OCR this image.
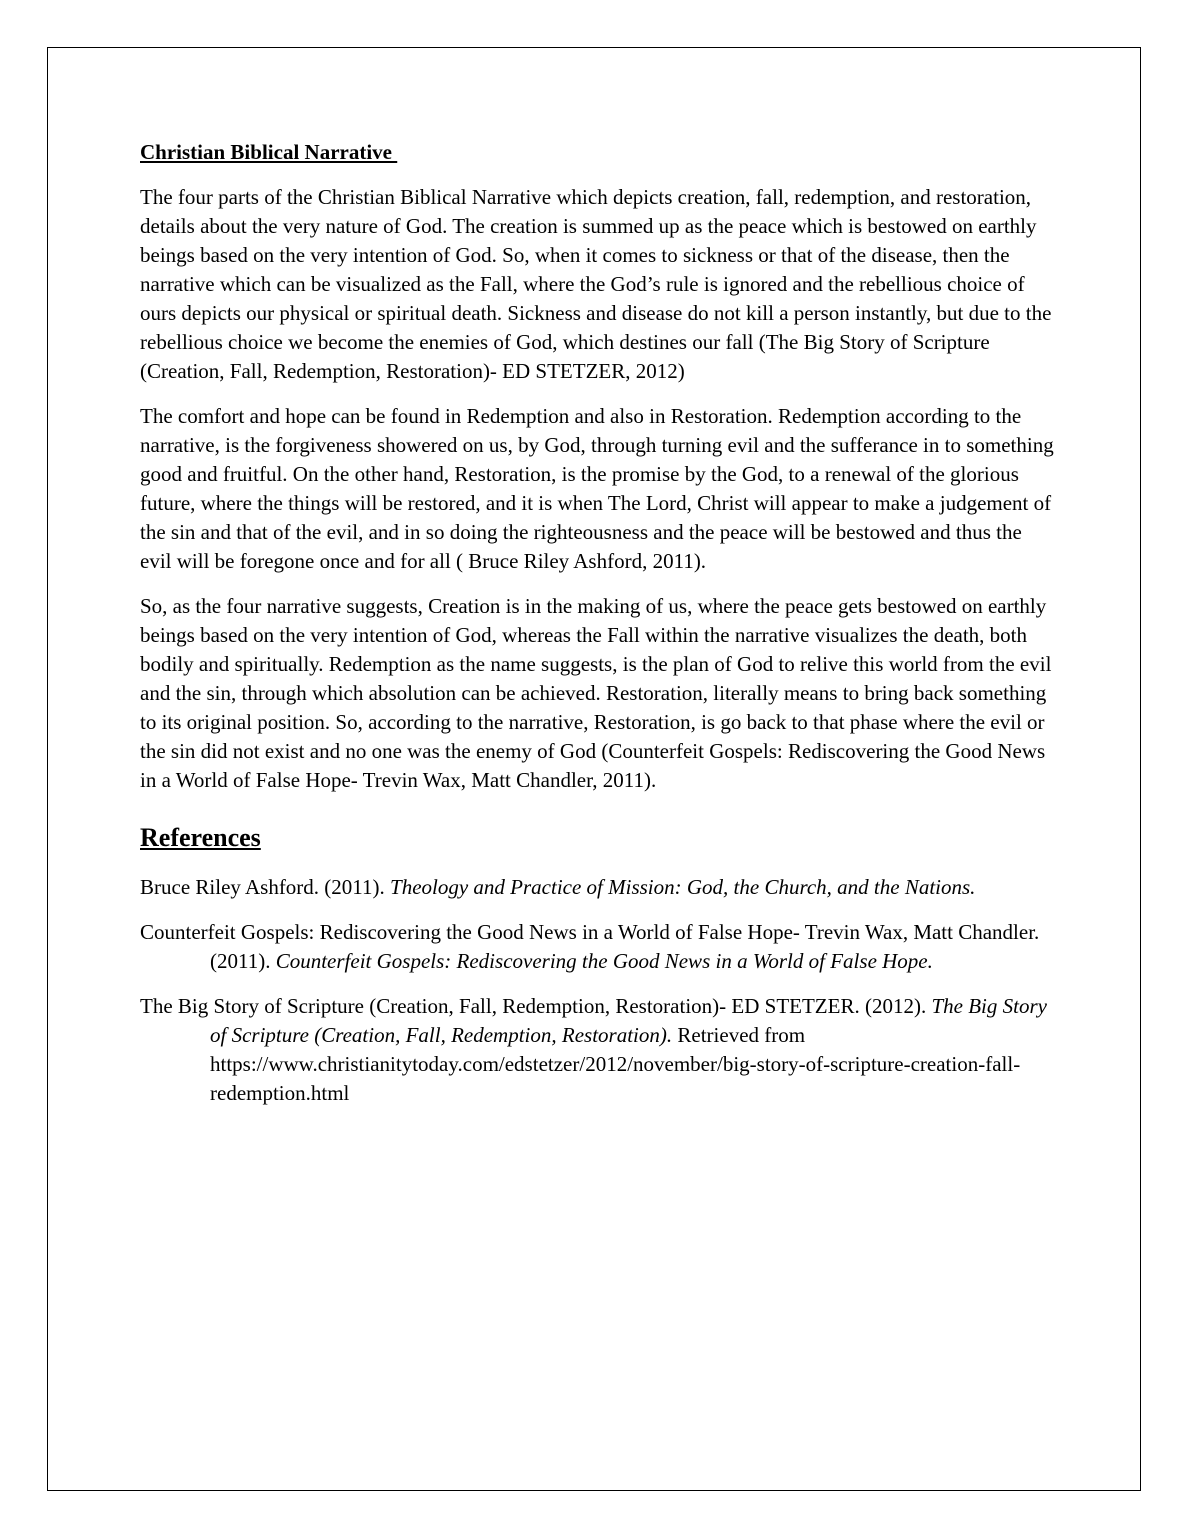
Christian Biblical Narrative

The four parts of the Christian Biblical Narrative which depicts creation, fall, redemption, and restoration, details about the very nature of God. The creation is summed up as the peace which is bestowed on earthly beings based on the very intention of God. So, when it comes to sickness or that of the disease, then the narrative which can be visualized as the Fall, where the God’s rule is ignored and the rebellious choice of ours depicts our physical or spiritual death. Sickness and disease do not kill a person instantly, but due to the rebellious choice we become the enemies of God, which destines our fall (The Big Story of Scripture (Creation, Fall, Redemption, Restoration)- ED STETZER, 2012)

The comfort and hope can be found in Redemption and also in Restoration. Redemption according to the narrative, is the forgiveness showered on us, by God, through turning evil and the sufferance in to something good and fruitful. On the other hand, Restoration, is the promise by the God, to a renewal of the glorious future, where the things will be restored, and it is when The Lord, Christ will appear to make a judgement of the sin and that of the evil, and in so doing the righteousness and the peace will be bestowed and thus the evil will be foregone once and for all ( Bruce Riley Ashford, 2011).

So, as the four narrative suggests, Creation is in the making of us, where the peace gets bestowed on earthly beings based on the very intention of God, whereas the Fall within the narrative visualizes the death, both bodily and spiritually. Redemption as the name suggests, is the plan of God to relive this world from the evil and the sin, through which absolution can be achieved. Restoration, literally means to bring back something to its original position. So, according to the narrative, Restoration, is go back to that phase where the evil or the sin did not exist and no one was the enemy of God (Counterfeit Gospels: Rediscovering the Good News in a World of False Hope- Trevin Wax, Matt Chandler, 2011).

References

Bruce Riley Ashford. (2011). Theology and Practice of Mission: God, the Church, and the Nations.

Counterfeit Gospels: Rediscovering the Good News in a World of False Hope- Trevin Wax, Matt Chandler. (2011). Counterfeit Gospels: Rediscovering the Good News in a World of False Hope.

The Big Story of Scripture (Creation, Fall, Redemption, Restoration)- ED STETZER. (2012). The Big Story of Scripture (Creation, Fall, Redemption, Restoration). Retrieved from https://www.christianitytoday.com/edstetzer/2012/november/big-story-of-scripture-creation-fall-redemption.html
